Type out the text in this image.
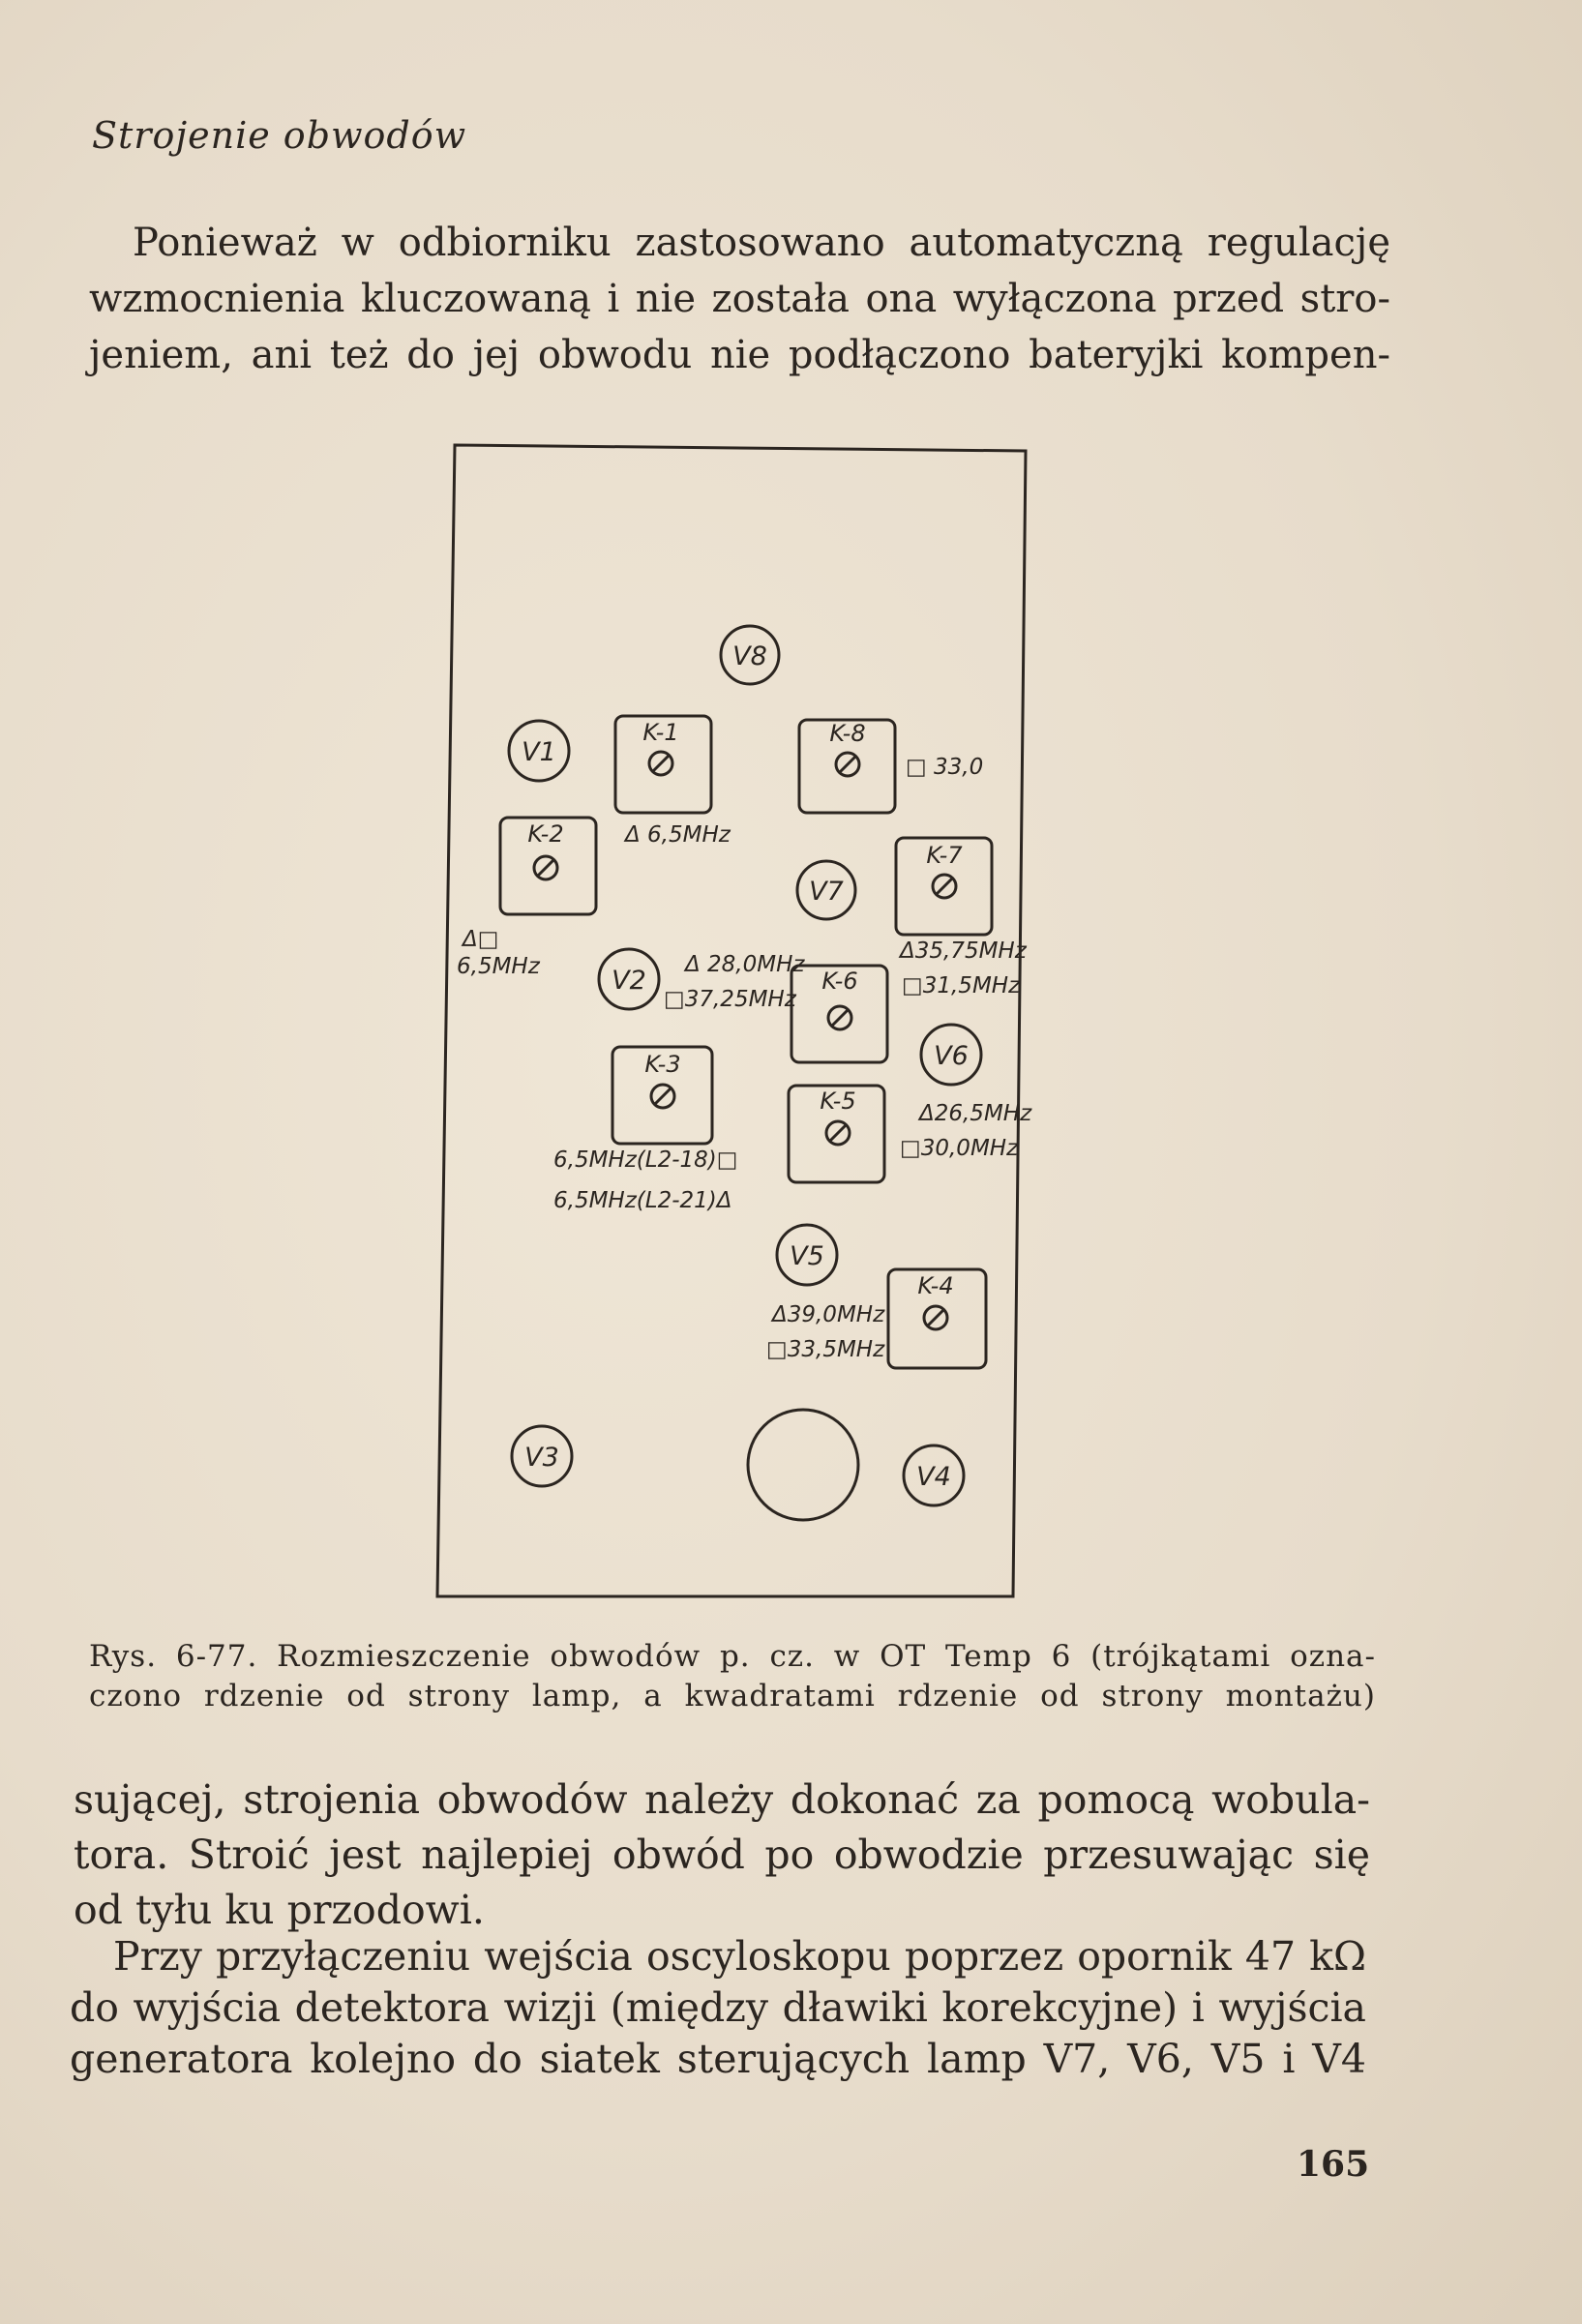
Strojenie obwodów

Ponieważ w odbiorniku zastosowano automatyczną regulację
wzmocnienia kluczowaną i nie została ona wyłączona przed stro-
jeniem, ani też do jej obwodu nie podłączono bateryjki kompen-

V8
V1
V7
V2
V6
V5
V3
V4
K-1	K-8
K-2
K-7
K-6
K-3
K-5
K-4
□ 33,0
Δ 6,5MHz
Δ□
6,5MHz	Δ 28,0MHz
□37,25MHz
Δ35,75MHz
□31,5MHz
Δ26,5MHz
□30,0MHz
6,5MHz(L2-18)□
6,5MHz(L2-21)Δ
Δ39,0MHz
□33,5MHz
Rys. 6-77. Rozmieszczenie obwodów p. cz. w OT Temp 6 (trójkątami ozna-
czono rdzenie od strony lamp, a kwadratami rdzenie od strony montażu)

sującej, strojenia obwodów należy dokonać za pomocą wobula-
tora. Stroić jest najlepiej obwód po obwodzie przesuwając się
od tyłu ku przodowi.

Przy przyłączeniu wejścia oscyloskopu poprzez opornik 47 kΩ
do wyjścia detektora wizji (między dławiki korekcyjne) i wyjścia
generatora kolejno do siatek sterujących lamp V7, V6, V5 i V4

165
